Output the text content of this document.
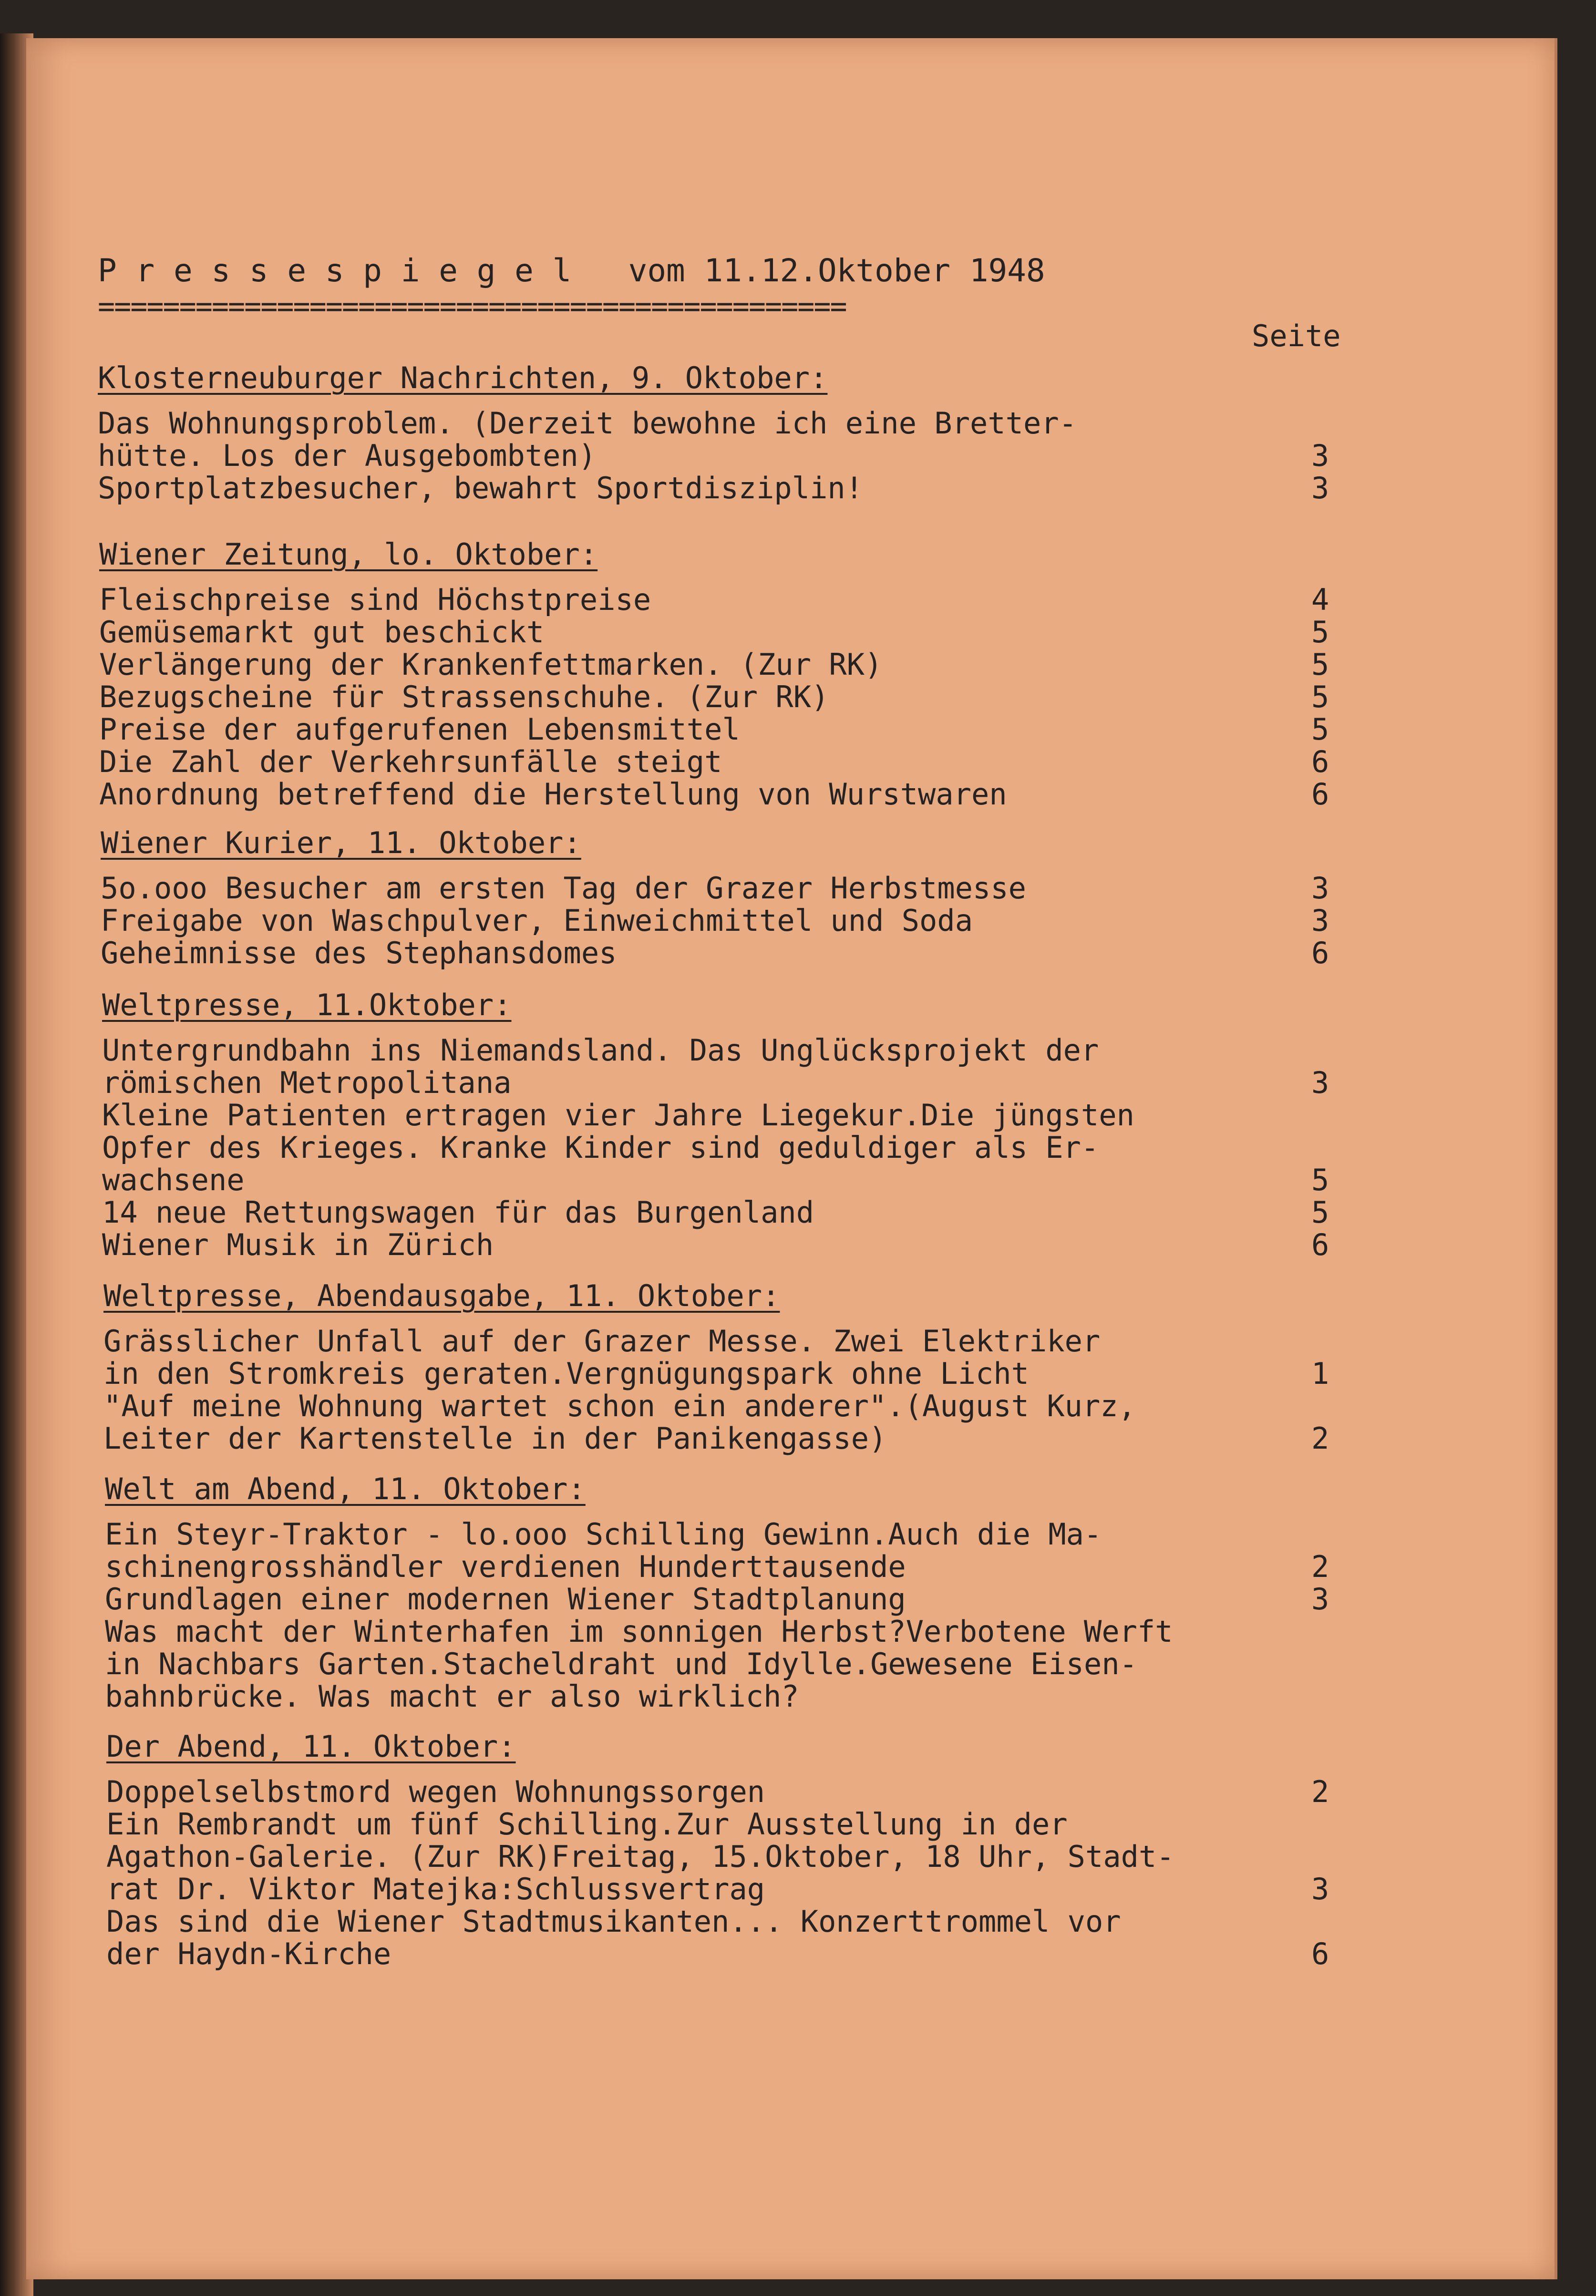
P r e s s e s p i e g e l   vom 11.12.Oktober 1948
==============================================
Seite
Klosterneuburger Nachrichten, 9. Oktober:
Das Wohnungsproblem. (Derzeit bewohne ich eine Bretter-
hütte. Los der Ausgebombten)	3
Sportplatzbesucher, bewahrt Sportdisziplin!	3
Wiener Zeitung, lo. Oktober:
Fleischpreise sind Höchstpreise	4
Gemüsemarkt gut beschickt	5
Verlängerung der Krankenfettmarken. (Zur RK)	5
Bezugscheine für Strassenschuhe. (Zur RK)	5
Preise der aufgerufenen Lebensmittel	5
Die Zahl der Verkehrsunfälle steigt	6
Anordnung betreffend die Herstellung von Wurstwaren	6
Wiener Kurier, 11. Oktober:
5o.ooo Besucher am ersten Tag der Grazer Herbstmesse	3
Freigabe von Waschpulver, Einweichmittel und Soda	3
Geheimnisse des Stephansdomes	6
Weltpresse, 11.Oktober:
Untergrundbahn ins Niemandsland. Das Unglücksprojekt der
römischen Metropolitana	3
Kleine Patienten ertragen vier Jahre Liegekur.Die jüngsten
Opfer des Krieges. Kranke Kinder sind geduldiger als Er-
wachsene	5
14 neue Rettungswagen für das Burgenland	5
Wiener Musik in Zürich	6
Weltpresse, Abendausgabe, 11. Oktober:
Grässlicher Unfall auf der Grazer Messe. Zwei Elektriker
in den Stromkreis geraten.Vergnügungspark ohne Licht	1
"Auf meine Wohnung wartet schon ein anderer".(August Kurz,
Leiter der Kartenstelle in der Panikengasse)	2
Welt am Abend, 11. Oktober:
Ein Steyr-Traktor - lo.ooo Schilling Gewinn.Auch die Ma-
schinengrosshändler verdienen Hunderttausende	2
Grundlagen einer modernen Wiener Stadtplanung	3
Was macht der Winterhafen im sonnigen Herbst?Verbotene Werft
in Nachbars Garten.Stacheldraht und Idylle.Gewesene Eisen-
bahnbrücke. Was macht er also wirklich?
Der Abend, 11. Oktober:
Doppelselbstmord wegen Wohnungssorgen	2
Ein Rembrandt um fünf Schilling.Zur Ausstellung in der
Agathon-Galerie. (Zur RK)Freitag, 15.Oktober, 18 Uhr, Stadt-
rat Dr. Viktor Matejka:Schlussvertrag	3
Das sind die Wiener Stadtmusikanten... Konzerttrommel vor
der Haydn-Kirche	6
